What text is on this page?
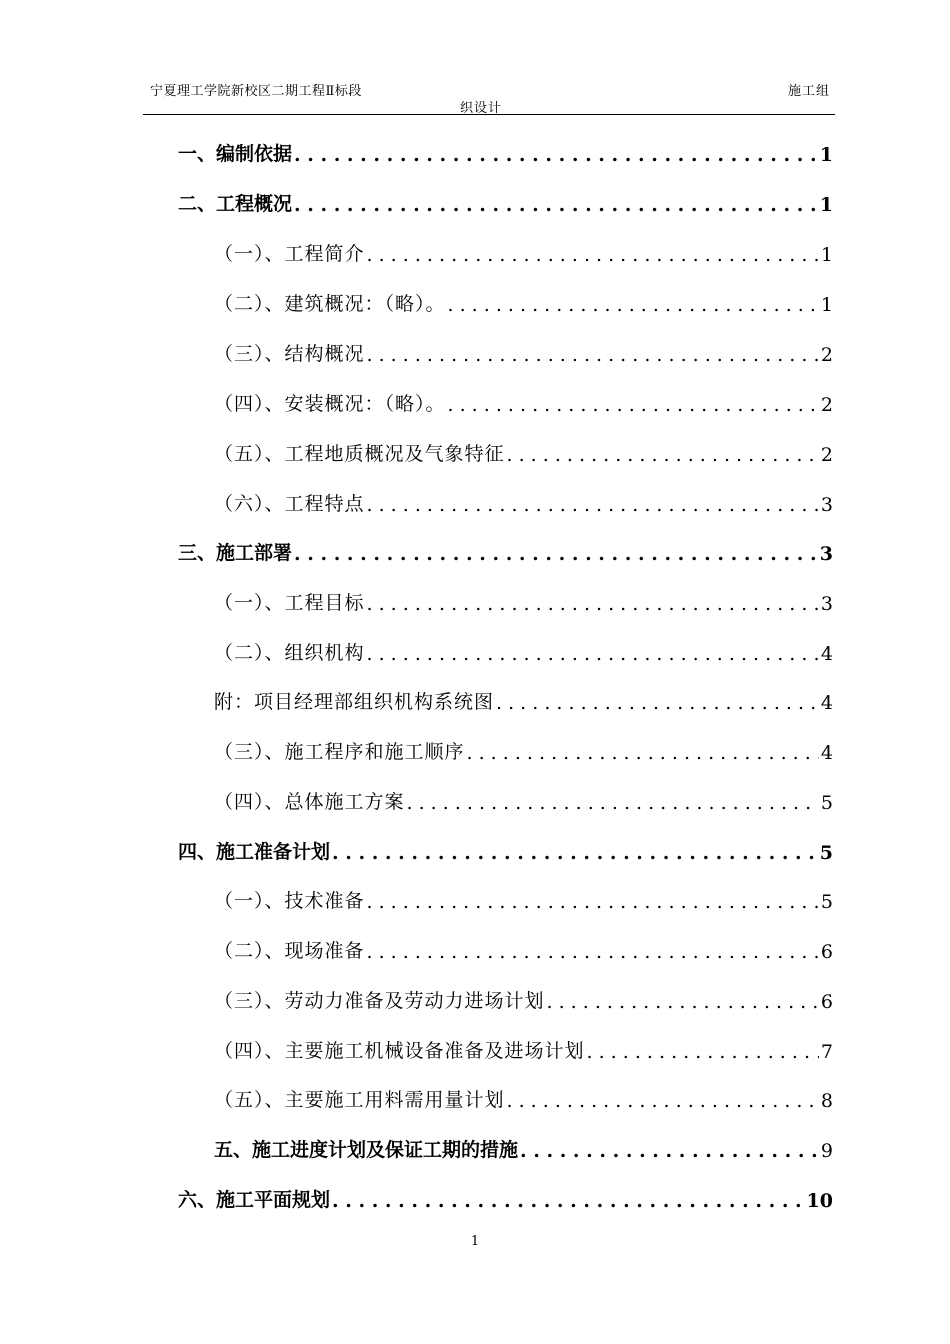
宁夏理工学院新校区二期工程Ⅱ标段	施工组
织设计
一、编制依据 . . .	1
二、工程概况 . . .	1
（一）、工程简介 . . .	1
（二）、建筑概况：（略）。 . . .	1
（三）、结构概况 . . .	2
（四）、安装概况：（略）。 . . .	2
（五）、工程地质概况及气象特征 . . .	2
（六）、工程特点 . . .	3
三、施工部署 . . .	3
（一）、工程目标 . . .	3
（二）、组织机构 . . .	4
附：项目经理部组织机构系统图 . . .	4
（三）、施工程序和施工顺序 . . .	4
（四）、总体施工方案 . . .	5
四、施工准备计划 . . .	5
（一）、技术准备 . . .	5
（二）、现场准备 . . .	6
（三）、劳动力准备及劳动力进场计划 . . .	6
（四）、主要施工机械设备准备及进场计划 . . .	7
（五）、主要施工用料需用量计划 . . .	8
五、施工进度计划及保证工期的措施 . . .	9
六、施工平面规划 . . .	10
1
